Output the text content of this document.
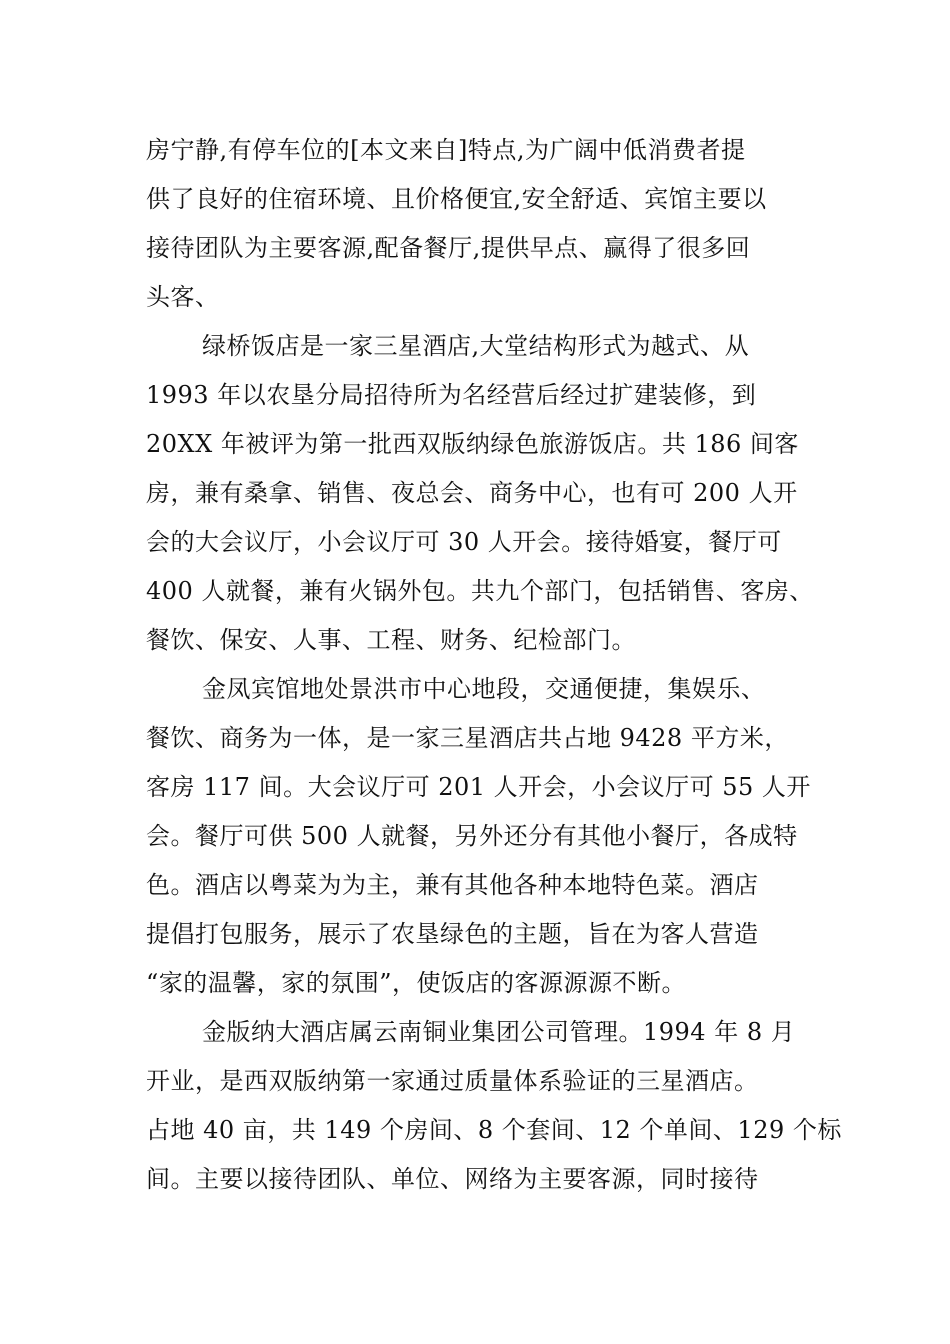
房宁静,有停车位的[本文来自]特点,为广阔中低消费者提
供了良好的住宿环境、且价格便宜,安全舒适、宾馆主要以
接待团队为主要客源,配备餐厅,提供早点、赢得了很多回
头客、
绿桥饭店是一家三星酒店,大堂结构形式为越式、从
1993 年以农垦分局招待所为名经营后经过扩建装修，到
20XX 年被评为第一批西双版纳绿色旅游饭店。共 186 间客
房，兼有桑拿、销售、夜总会、商务中心，也有可 200 人开
会的大会议厅，小会议厅可 30 人开会。接待婚宴，餐厅可
400 人就餐，兼有火锅外包。共九个部门，包括销售、客房、
餐饮、保安、人事、工程、财务、纪检部门。
金凤宾馆地处景洪市中心地段，交通便捷，集娱乐、
餐饮、商务为一体，是一家三星酒店共占地 9428 平方米，
客房 117 间。大会议厅可 201 人开会，小会议厅可 55 人开
会。餐厅可供 500 人就餐，另外还分有其他小餐厅，各成特
色。酒店以粤菜为为主，兼有其他各种本地特色菜。酒店
提倡打包服务，展示了农垦绿色的主题，旨在为客人营造
“家的温馨，家的氛围”，使饭店的客源源源不断。
金版纳大酒店属云南铜业集团公司管理。1994 年 8 月
开业，是西双版纳第一家通过质量体系验证的三星酒店。
占地 40 亩，共 149 个房间、8 个套间、12 个单间、129 个标
间。主要以接待团队、单位、网络为主要客源，同时接待
